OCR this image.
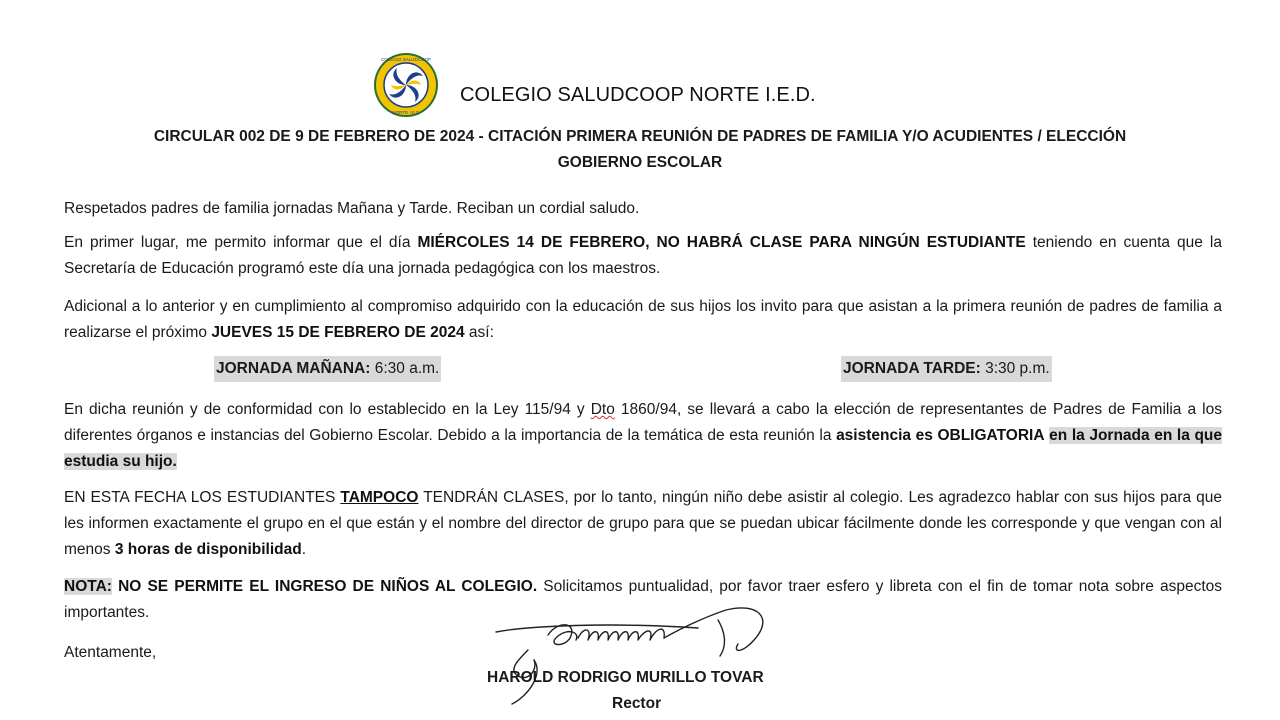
COLEGIO SALUDCOOP
NORTE I.E.D
COLEGIO SALUDCOOP NORTE I.E.D.
CIRCULAR 002 DE 9 DE FEBRERO DE 2024 - CITACIÓN PRIMERA REUNIÓN DE PADRES DE FAMILIA Y/O ACUDIENTES / ELECCIÓN
GOBIERNO ESCOLAR
Respetados padres de familia jornadas Mañana y Tarde. Reciban un cordial saludo.
En primer lugar, me permito informar que el día MIÉRCOLES 14 DE FEBRERO, NO HABRÁ CLASE PARA NINGÚN ESTUDIANTE teniendo en cuenta que la Secretaría de Educación programó este día una jornada pedagógica con los maestros.
Adicional a lo anterior y en cumplimiento al compromiso adquirido con la educación de sus hijos los invito para que asistan a la primera reunión de padres de familia a realizarse el próximo JUEVES 15 DE FEBRERO DE 2024 así:
JORNADA MAÑANA: 6:30 a.m.	JORNADA TARDE: 3:30 p.m.
En dicha reunión y de conformidad con lo establecido en la Ley 115/94 y Dto 1860/94, se llevará a cabo la elección de representantes de Padres de Familia a los diferentes órganos e instancias del Gobierno Escolar. Debido a la importancia de la temática de esta reunión la asistencia es OBLIGATORIA en la Jornada en la que estudia su hijo.
EN ESTA FECHA LOS ESTUDIANTES TAMPOCO TENDRÁN CLASES, por lo tanto, ningún niño debe asistir al colegio. Les agradezco hablar con sus hijos para que les informen exactamente el grupo en el que están y el nombre del director de grupo para que se puedan ubicar fácilmente donde les corresponde y que vengan con al menos 3 horas de disponibilidad.
NOTA: NO SE PERMITE EL INGRESO DE NIÑOS AL COLEGIO. Solicitamos puntualidad, por favor traer esfero y libreta con el fin de tomar nota sobre aspectos importantes.
Atentamente,
HAROLD RODRIGO MURILLO TOVAR
Rector
